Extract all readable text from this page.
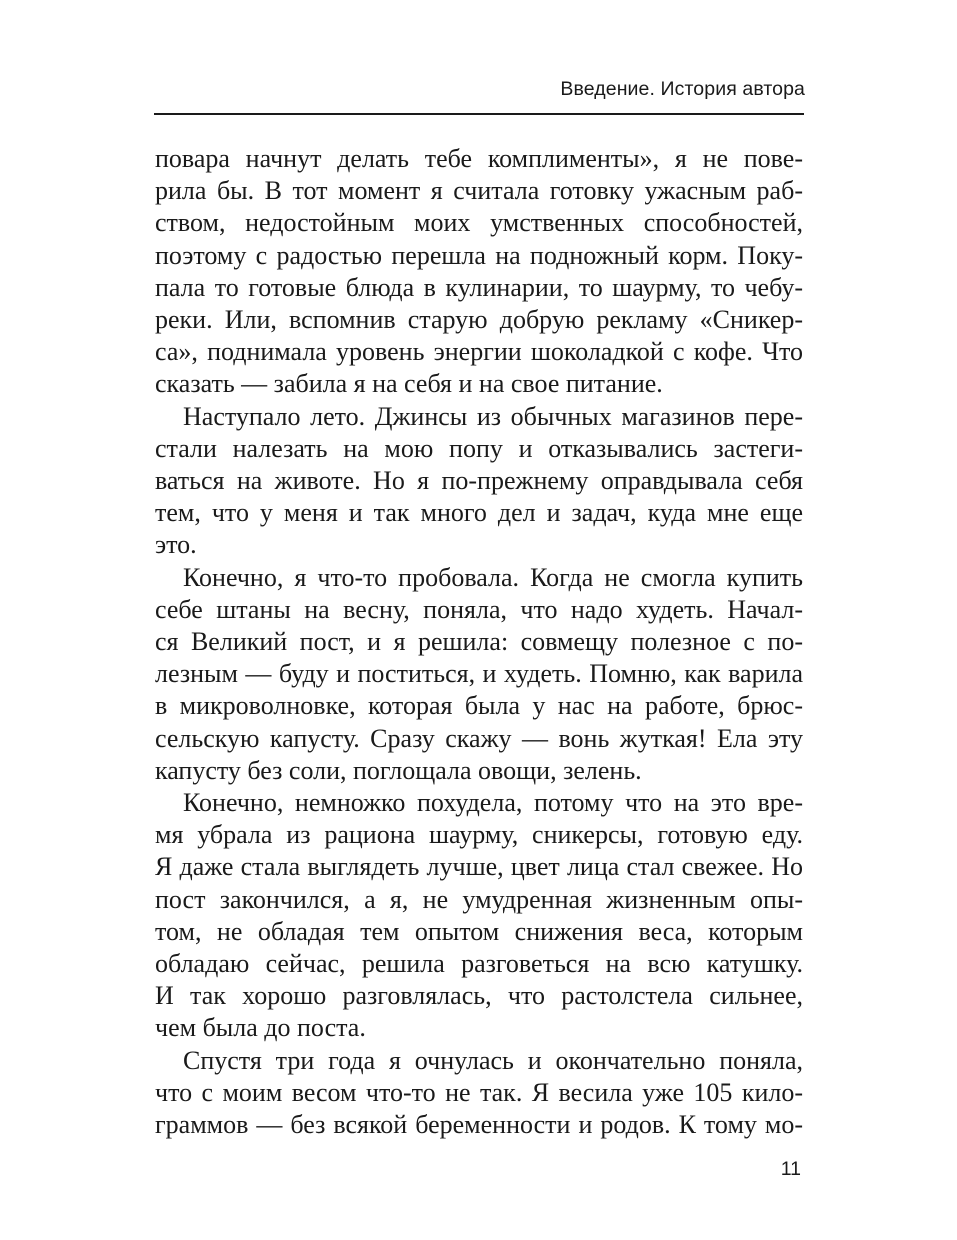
Введение. История автора

повара начнут делать тебе комплименты», я не пове-
рила бы. В тот момент я считала готовку ужасным раб-
ством, недостойным моих умственных способностей,
поэтому с радостью перешла на подножный корм. Поку-
пала то готовые блюда в кулинарии, то шаурму, то чебу-
реки. Или, вспомнив старую добрую рекламу «Сникер-
са», поднимала уровень энергии шоколадкой с кофе. Что
сказать — забила я на себя и на свое питание.

Наступало лето. Джинсы из обычных магазинов пере-
стали налезать на мою попу и отказывались застеги-
ваться на животе. Но я по-прежнему оправдывала себя
тем, что у меня и так много дел и задач, куда мне еще
это.

Конечно, я что-то пробовала. Когда не смогла купить
себе штаны на весну, поняла, что надо худеть. Начал-
ся Великий пост, и я решила: совмещу полезное с по-
лезным — буду и поститься, и худеть. Помню, как варила
в микроволновке, которая была у нас на работе, брюс-
сельскую капусту. Сразу скажу — вонь жуткая! Ела эту
капусту без соли, поглощала овощи, зелень.

Конечно, немножко похудела, потому что на это вре-
мя убрала из рациона шаурму, сникерсы, готовую еду.
Я даже стала выглядеть лучше, цвет лица стал свежее. Но
пост закончился, а я, не умудренная жизненным опы-
том, не обладая тем опытом снижения веса, которым
обладаю сейчас, решила разговеться на всю катушку.
И так хорошо разговлялась, что растолстела сильнее,
чем была до поста.

Спустя три года я очнулась и окончательно поняла,
что с моим весом что-то не так. Я весила уже 105 кило-
граммов — без всякой беременности и родов. К тому мо-

11
